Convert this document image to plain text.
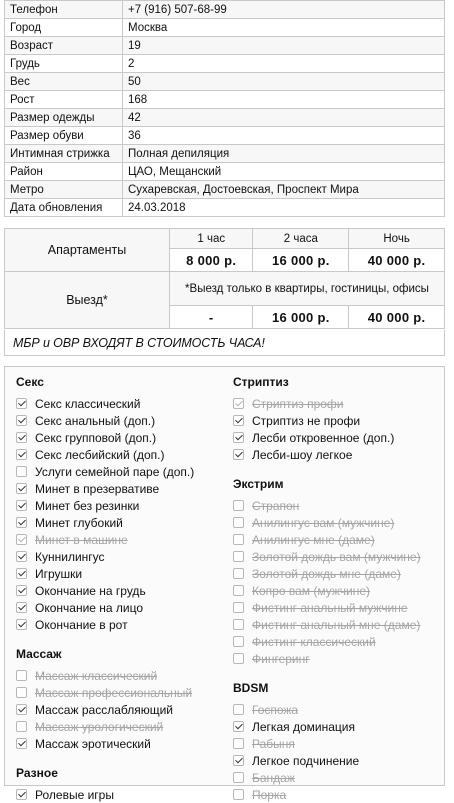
Телефон	+7 (916) 507-68-99
Город	Москва
Возраст	19
Грудь	2
Вес	50
Рост	168
Размер одежды	42
Размер обуви	36
Интимная стрижка	Полная депиляция
Район	ЦАО, Мещанский
Метро	Сухаревская, Достоевская, Проспект Мира
Дата обновления	24.03.2018
Апартаменты	1 час	2 часа	Ночь
	8 000 р.	16 000 р.	40 000 р.
Выезд*	*Выезд только в квартиры, гостиницы, офисы		
	-	16 000 р.	40 000 р.
МБР и ОВР ВХОДЯТ В СТОИМОСТЬ ЧАСА!
Секс
Секс классический
Секс анальный (доп.)
Секс групповой (доп.)
Секс лесбийский (доп.)
Услуги семейной паре (доп.)
Минет в презервативе
Минет без резинки
Минет глубокий
Минет в машине
Куннилингус
Игрушки
Окончание на грудь
Окончание на лицо
Окончание в рот
Массаж
Массаж классический
Массаж профессиональный
Массаж расслабляющий
Массаж урологический
Массаж эротический
Разное
Ролевые игры
Стриптиз
Стриптиз профи
Стриптиз не профи
Лесби откровенное (доп.)
Лесби-шоу легкое
Экстрим
Страпон
Анилингус вам (мужчине)
Анилингус мне (даме)
Золотой дождь вам (мужчине)
Золотой дождь мне (даме)
Копро вам (мужчине)
Фистинг анальный мужчине
Фистинг анальный мне (даме)
Фистинг классический
Фингеринг
BDSM
Госпожа
Легкая доминация
Рабыня
Легкое подчинение
Бандаж
Порка
